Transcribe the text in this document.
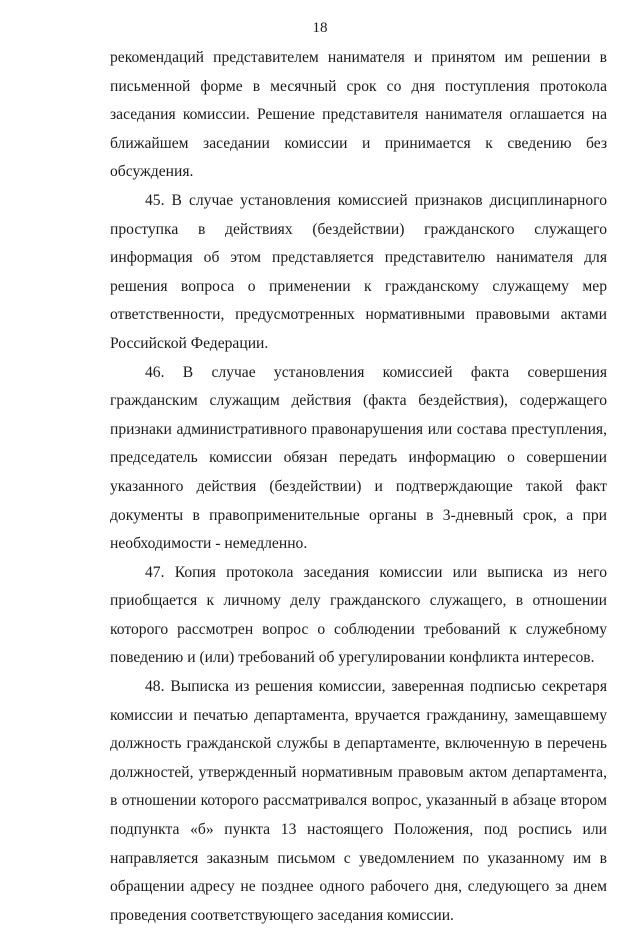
18

рекомендаций представителем нанимателя и принятом им решении в письменной форме в месячный срок со дня поступления протокола заседания комиссии. Решение представителя нанимателя оглашается на ближайшем заседании комиссии и принимается к сведению без обсуждения.

45. В случае установления комиссией признаков дисциплинарного проступка в действиях (бездействии) гражданского служащего информация об этом представляется представителю нанимателя для решения вопроса о применении к гражданскому служащему мер ответственности, предусмотренных нормативными правовыми актами Российской Федерации.

46. В случае установления комиссией факта совершения гражданским служащим действия (факта бездействия), содержащего признаки административного правонарушения или состава преступления, председатель комиссии обязан передать информацию о совершении указанного действия (бездействии) и подтверждающие такой факт документы в правоприменительные органы в 3-дневный срок, а при необходимости - немедленно.

47. Копия протокола заседания комиссии или выписка из него приобщается к личному делу гражданского служащего, в отношении которого рассмотрен вопрос о соблюдении требований к служебному поведению и (или) требований об урегулировании конфликта интересов.

48. Выписка из решения комиссии, заверенная подписью секретаря комиссии и печатью департамента, вручается гражданину, замещавшему должность гражданской службы в департаменте, включенную в перечень должностей, утвержденный нормативным правовым актом департамента, в отношении которого рассматривался вопрос, указанный в абзаце втором подпункта «б» пункта 13 настоящего Положения, под роспись или направляется заказным письмом с уведомлением по указанному им в обращении адресу не позднее одного рабочего дня, следующего за днем проведения соответствующего заседания комиссии.
